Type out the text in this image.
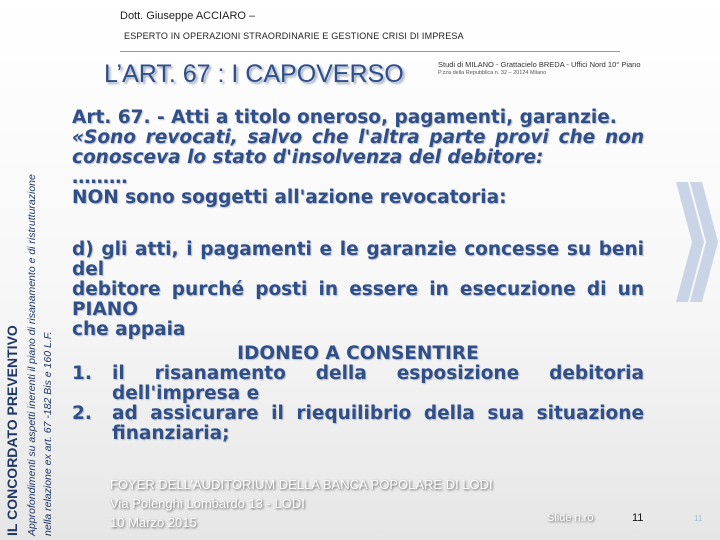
Dott. Giuseppe ACCIARO –
ESPERTO IN OPERAZIONI STRAORDINARIE E GESTIONE CRISI DI IMPRESA
IL CONCORDATO PREVENTIVO Approfondimenti su aspetti inerenti il piano di risanamento e di ristrutturazione nella relazione ex art. 67 -182 Bis e 160 L.F.
L’ART. 67 : I CAPOVERSO	Studi di MILANO - Grattacielo BREDA - Uffici Nord 10° Piano
P.zza della Repubblica n. 32 – 20124 Milano

Art. 67. - Atti a titolo oneroso, pagamenti, garanzie.

«Sono revocati, salvo che l'altra parte provi che non

conosceva lo stato d'insolvenza del debitore:

………

NON sono soggetti all'azione revocatoria:

d) gli atti, i pagamenti e le garanzie concesse su beni del

debitore purché posti in essere in esecuzione di un PIANO

che appaia

IDONEO A CONSENTIRE

1.	il risanamento della esposizione debitoria
dell'impresa e
2.	ad assicurare il riequilibrio della sua situazione
finanziaria;
FOYER DELL’AUDITORIUM DELLA BANCA POPOLARE DI LODI
Via Polenghi Lombardo 13 - LODI
10 Marzo 2015	Slide n.ro	11	11
